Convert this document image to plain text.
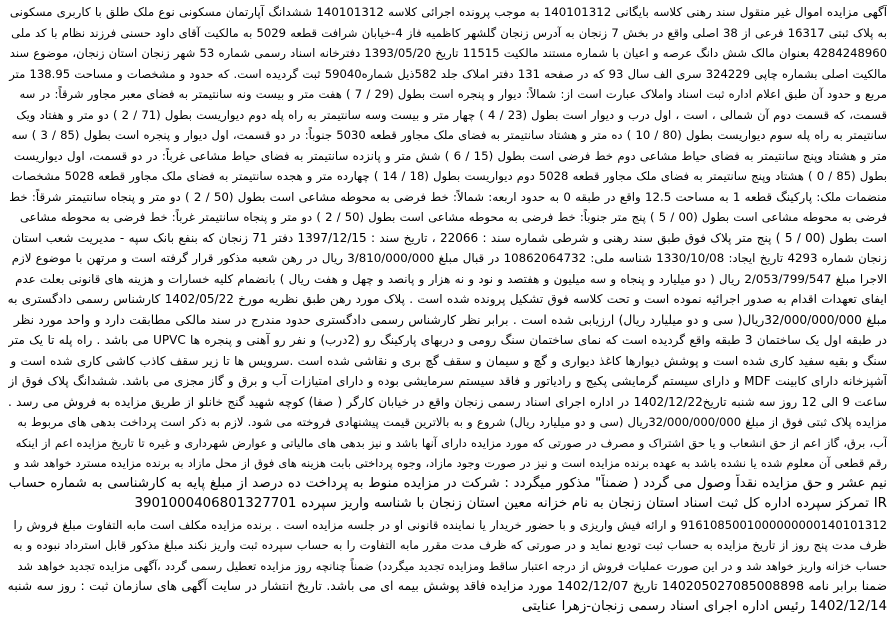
آگهی مزایده اموال غیر منقول سند رهنی کلاسه بایگانی 140101312 به موجب پرونده اجرائی کلاسه 140101312 ششدانگ آپارتمان مسکونی نوع ملک طلق با کاربری مسکونی
به پلاک ثبتی 16317 فرعی از 38 اصلی واقع در بخش 7 زنجان به آدرس زنجان گلشهر کاظمیه فاز 4-خیابان شرافت قطعه 5029 به مالکیت آقای داود حسنی فرزند نظام با کد ملی
4284248960 بعنوان مالک شش دانگ عرصه و اعیان با شماره مستند مالکیت 11515 تاریخ 1393/05/20 دفترخانه اسناد رسمی شماره 53 شهر زنجان استان زنجان، موضوع سند
مالکیت اصلی بشماره چاپی 324229 سری الف سال 93 که در صفحه 131 دفتر املاک جلد 582ذیل شماره59040 ثبت گردیده است. که حدود و مشخصات و مساحت 138.95 متر
مربع و حدود آن طبق اعلام اداره ثبت اسناد واملاک عبارت است از: شمالاً: دیوار و پنجره است بطول (29 / 7 ) هفت متر و بیست ونه سانتیمتر به فضای معبر مجاور شرقاً: در سه
قسمت، که قسمت دوم آن شمالی ، است ، اول درب و دیوار است بطول (23 / 4 ) چهار متر و بیست وسه سانتیمتر به راه پله دوم دیواریست بطول (71 / 2 ) دو متر و هفتاد ویک
سانتیمتر به راه پله سوم دیواریست بطول (80 / 10 ) ده متر و هشتاد سانتیمتر به فضای ملک مجاور قطعه 5030 جنوباً: در دو قسمت، اول دیوار و پنجره است بطول (85 / 3 ) سه
متر و هشتاد وپنج سانتیمتر به فضای حیاط مشاعی دوم خط فرضی است بطول (15 / 6 ) شش متر و پانزده سانتیمتر به فضای حیاط مشاعی غرباً: در دو قسمت، اول دیواریست
بطول (85 / 0 ) هشتاد وپنج سانتیمتر به فضای ملک مجاور قطعه 5028 دوم دیواریست بطول (18 / 14 ) چهارده متر و هجده سانتیمتر به فضای ملک مجاور قطعه 5028 مشخصات
منضمات ملک: پارکینگ قطعه 1 به مساحت 12.5 واقع در طبقه 0 به حدود اربعه: شمالاً: خط فرضی به محوطه مشاعی است بطول (50 / 2 ) دو متر و پنجاه سانتیمتر شرقاً: خط
فرضی به محوطه مشاعی است بطول (00 / 5 ) پنج متر جنوباً: خط فرضی به محوطه مشاعی است بطول (50 / 2 ) دو متر و پنجاه سانتیمتر غرباً: خط فرضی به محوطه مشاعی
است بطول (00 / 5 ) پنج متر پلاک فوق طبق سند رهنی و شرطی شماره سند : 22066 ، تاریخ سند : 1397/12/15 دفتر 71 زنجان که بنفع بانک سپه - مدیریت شعب استان
زنجان شماره 4293 تاریخ ایجاد: 1330/10/08 شناسه ملی: 10862064732 در قبال مبلغ 3/810/000/000 ریال در رهن شعبه مذکور قرار گرفته است و مرتهن با موضوع لازم
الاجرا مبلغ 2/053/799/547 ریال ( دو میلیارد و پنجاه و سه میلیون و هفتصد و نود و نه هزار و پانصد و چهل و هفت ریال ) بانضمام کلیه خسارات و هزینه های قانونی بعلت عدم
ایفای تعهدات اقدام به صدور اجرائیه نموده است و تحت کلاسه فوق تشکیل پرونده شده است . پلاک مورد رهن طبق نظریه مورخ 1402/05/22 کارشناس رسمی دادگستری به
مبلغ 32/000/000/000ریال( سی و دو میلیارد ریال) ارزیابی شده است . برابر نظر کارشناس رسمی دادگستری حدود مندرج در سند مالکی مطابقت دارد و واحد مورد نظر
در طبقه اول یک ساختمان 3 طبقه واقع گردیده است که نمای ساختمان سنگ رومی و دربهای پارکینگ رو (2درب) و نفر رو آهنی و پنجره ها UPVC می باشد . راه پله تا یک متر
سنگ و بقیه سفید کاری شده است و پوشش دیوارها کاغذ دیواری و گچ و سیمان و سقف گچ بری و نقاشی شده است .سرویس ها تا زیر سقف کاذب کاشی کاری شده است و
آشپزخانه دارای کابینت MDF و دارای سیستم گرمایشی پکیج و رادیاتور و فاقد سیستم سرمایشی بوده و دارای امتیازات آب و برق و گاز مجزی می باشد. ششدانگ پلاک فوق از
ساعت 9 الی 12 روز سه شنبه تاریخ1402/12/22 در اداره اجرای اسناد رسمی زنجان واقع در خیابان کارگر ( صفا) کوچه شهید گنج خانلو از طریق مزایده به فروش می رسد .
مزایده پلاک ثبتی فوق از مبلغ 32/000/000/000ریال (سی و دو میلیارد ریال) شروع و به بالاترین قیمت پیشنهادی فروخته می شود. لازم به ذکر است پرداخت بدهی های مربوط به
آب، برق، گاز اعم از حق انشعاب و یا حق اشتراک و مصرف در صورتی که مورد مزایده دارای آنها باشد و نیز بدهی های مالیاتی و عوارض شهرداری و غیره تا تاریخ مزایده اعم از اینکه
رقم قطعی آن معلوم شده یا نشده باشد به عهده برنده مزایده است و نیز در صورت وجود مازاد، وجوه پرداختی بابت هزینه های فوق از محل مازاد به برنده مزایده مسترد خواهد شد و
نیم عشر و حق مزایده نقداً وصول می گردد ( ضمناً" مذکور میگردد : شرکت در مزایده منوط به پرداخت ده درصد از مبلغ پایه به کارشناسی به شماره حساب
IR تمرکز سپرده اداره کل ثبت اسناد استان زنجان به نام خزانه معین استان زنجان با شناسه واریز سپرده 3901000406801327701
9161085001000000000140101312 و ارائه فیش واریزی و با حضور خریدار یا نماینده قانونی او در جلسه مزایده است . برنده مزایده مکلف است مابه التفاوت مبلغ فروش را
ظرف مدت پنج روز از تاریخ مزایده به حساب ثبت تودیع نماید و در صورتی که ظرف مدت مقرر مابه التفاوت را به حساب سپرده ثبت واریز نکند مبلغ مذکور قابل استرداد نبوده و به
حساب خزانه واریز خواهد شد و در این صورت عملیات فروش از درجه اعتبار ساقط ومزایده تجدید میگردد) ضمناً چنانچه روز مزایده تعطیل رسمی گردد ،آگهی مزایده تجدید خواهد شد
ضمنا برابر نامه 140205027085008898 تاریخ 1402/12/07 مورد مزایده فاقد پوشش بیمه ای می باشد. تاریخ انتشار در سایت آگهی های سازمان ثبت : روز سه شنبه
1402/12/14 رئیس اداره اجرای اسناد رسمی زنجان-زهرا عنایتی
